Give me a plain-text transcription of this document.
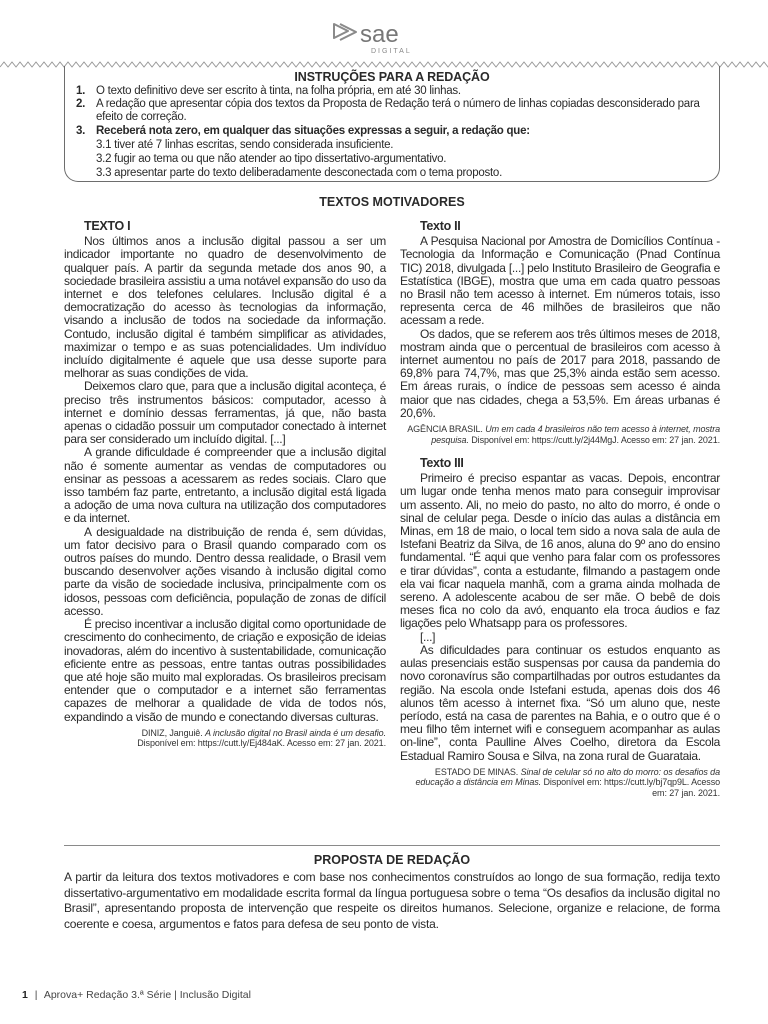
sae
DIGITAL
INSTRUÇÕES PARA A REDAÇÃO
1. O texto definitivo deve ser escrito à tinta, na folha própria, em até 30 linhas.
2. A redação que apresentar cópia dos textos da Proposta de Redação terá o número de linhas copiadas desconsiderado para efeito de correção.
3. Receberá nota zero, em qualquer das situações expressas a seguir, a redação que:
3.1 tiver até 7 linhas escritas, sendo considerada insuficiente.
3.2 fugir ao tema ou que não atender ao tipo dissertativo-argumentativo.
3.3 apresentar parte do texto deliberadamente desconectada com o tema proposto.
TEXTOS MOTIVADORES
TEXTO I

Nos últimos anos a inclusão digital passou a ser um indicador importante no quadro de desenvolvimento de qualquer país. A partir da segunda metade dos anos 90, a sociedade brasileira assistiu a uma notável expansão do uso da internet e dos telefones celulares. Inclusão digital é a democratização do acesso às tecnologias da informação, visando a inclusão de todos na sociedade da informação. Contudo, inclusão digital é também simplificar as atividades, maximizar o tempo e as suas potencialidades. Um indivíduo incluído digitalmente é aquele que usa desse suporte para melhorar as suas condições de vida.

Deixemos claro que, para que a inclusão digital aconteça, é preciso três instrumentos básicos: computador, acesso à internet e domínio dessas ferramentas, já que, não basta apenas o cidadão possuir um computador conectado à internet para ser considerado um incluído digital. [...]

A grande dificuldade é compreender que a inclusão digital não é somente aumentar as vendas de computadores ou ensinar as pessoas a acessarem as redes sociais. Claro que isso também faz parte, entretanto, a inclusão digital está ligada a adoção de uma nova cultura na utilização dos computadores e da internet.

A desigualdade na distribuição de renda é, sem dúvidas, um fator decisivo para o Brasil quando comparado com os outros países do mundo. Dentro dessa realidade, o Brasil vem buscando desenvolver ações visando à inclusão digital como parte da visão de sociedade inclusiva, principalmente com os idosos, pessoas com deficiência, população de zonas de difícil acesso.

É preciso incentivar a inclusão digital como oportunidade de crescimento do conhecimento, de criação e exposição de ideias inovadoras, além do incentivo à sustentabilidade, comunicação eficiente entre as pessoas, entre tantas outras possibilidades que até hoje são muito mal exploradas. Os brasileiros precisam entender que o computador e a internet são ferramentas capazes de melhorar a qualidade de vida de todos nós, expandindo a visão de mundo e conectando diversas culturas.

DINIZ, Janguiê. A inclusão digital no Brasil ainda é um desafio.
Disponível em: https://cutt.ly/Ej484aK. Acesso em: 27 jan. 2021.
Texto II

A Pesquisa Nacional por Amostra de Domicílios Contínua - Tecnologia da Informação e Comunicação (Pnad Contínua TIC) 2018, divulgada [...] pelo Instituto Brasileiro de Geografia e Estatística (IBGE), mostra que uma em cada quatro pessoas no Brasil não tem acesso à internet. Em números totais, isso representa cerca de 46 milhões de brasileiros que não acessam a rede.

Os dados, que se referem aos três últimos meses de 2018, mostram ainda que o percentual de brasileiros com acesso à internet aumentou no país de 2017 para 2018, passando de 69,8% para 74,7%, mas que 25,3% ainda estão sem acesso. Em áreas rurais, o índice de pessoas sem acesso é ainda maior que nas cidades, chega a 53,5%. Em áreas urbanas é 20,6%.

AGÊNCIA BRASIL. Um em cada 4 brasileiros não tem acesso à internet, mostra pesquisa. Disponível em: https://cutt.ly/2j44MgJ. Acesso em: 27 jan. 2021.
Texto III

Primeiro é preciso espantar as vacas. Depois, encontrar um lugar onde tenha menos mato para conseguir improvisar um assento. Ali, no meio do pasto, no alto do morro, é onde o sinal de celular pega. Desde o início das aulas a distância em Minas, em 18 de maio, o local tem sido a nova sala de aula de Istefani Beatriz da Silva, de 16 anos, aluna do 9º ano do ensino fundamental. “É aqui que venho para falar com os professores e tirar dúvidas”, conta a estudante, filmando a pastagem onde ela vai ficar naquela manhã, com a grama ainda molhada de sereno. A adolescente acabou de ser mãe. O bebê de dois meses fica no colo da avó, enquanto ela troca áudios e faz ligações pelo Whatsapp para os professores.

[...]

As dificuldades para continuar os estudos enquanto as aulas presenciais estão suspensas por causa da pandemia do novo coronavírus são compartilhadas por outros estudantes da região. Na escola onde Istefani estuda, apenas dois dos 46 alunos têm acesso à internet fixa. “Só um aluno que, neste período, está na casa de parentes na Bahia, e o outro que é o meu filho têm internet wifi e conseguem acompanhar as aulas on-line”, conta Paulline Alves Coelho, diretora da Escola Estadual Ramiro Sousa e Silva, na zona rural de Guarataia.

ESTADO DE MINAS. Sinal de celular só no alto do morro: os desafios da educação a distância em Minas. Disponível em: https://cutt.ly/bj7qp9L. Acesso em: 27 jan. 2021.
PROPOSTA DE REDAÇÃO
A partir da leitura dos textos motivadores e com base nos conhecimentos construídos ao longo de sua formação, redija texto dissertativo-argumentativo em modalidade escrita formal da língua portuguesa sobre o tema “Os desafios da inclusão digital no Brasil”, apresentando proposta de intervenção que respeite os direitos humanos. Selecione, organize e relacione, de forma coerente e coesa, argumentos e fatos para defesa de seu ponto de vista.
1 | Aprova+ Redação 3.ª Série | Inclusão Digital
